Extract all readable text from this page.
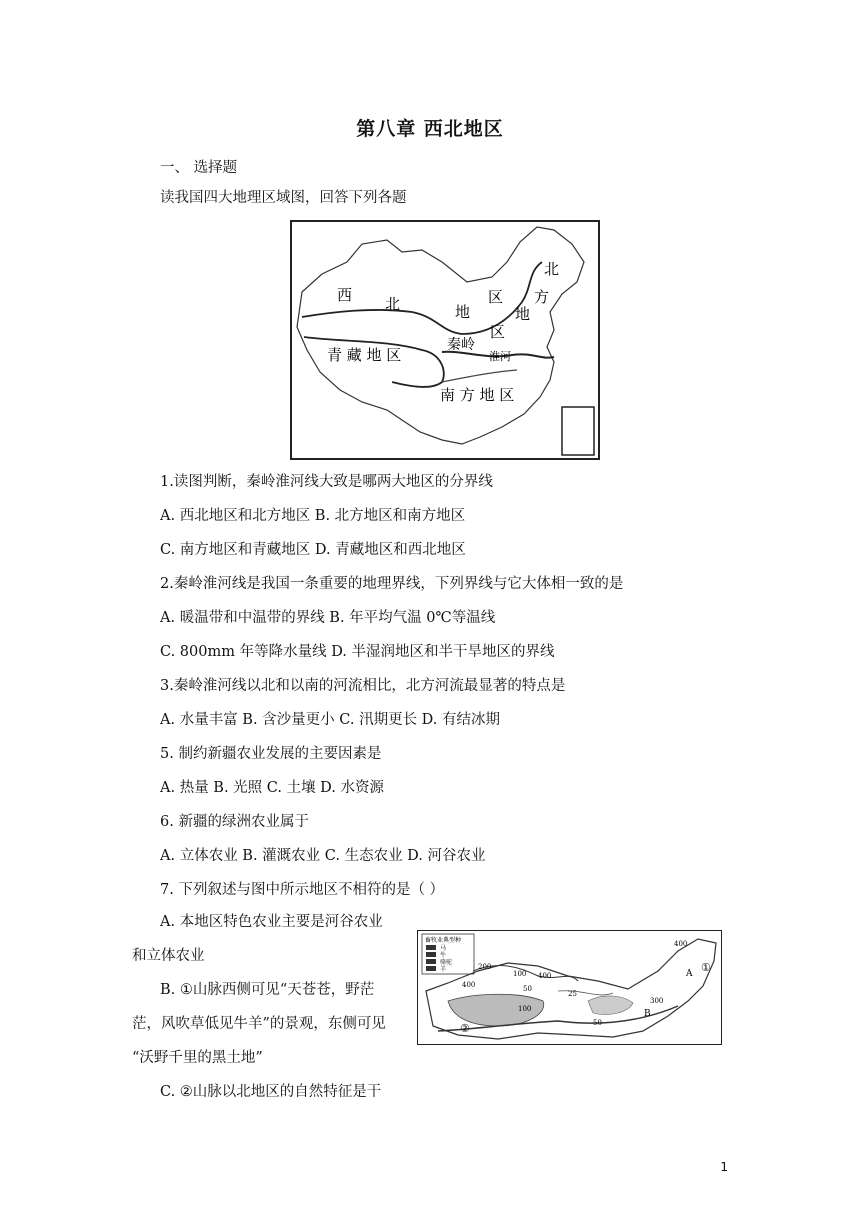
第八章 西北地区
一、 选择题
读我国四大地理区域图，回答下列各题
西 北	地
区
北
方
地
区
秦岭
淮河
青 藏 地 区
南 方 地 区
1.读图判断，秦岭淮河线大致是哪两大地区的分界线
A. 西北地区和北方地区 B. 北方地区和南方地区
C. 南方地区和青藏地区 D. 青藏地区和西北地区
2.秦岭淮河线是我国一条重要的地理界线，下列界线与它大体相一致的是
A. 暖温带和中温带的界线 B. 年平均气温 0℃等温线
C. 800mm 年等降水量线 D. 半湿润地区和半干旱地区的界线
3.秦岭淮河线以北和以南的河流相比，北方河流最显著的特点是
A. 水量丰富 B. 含沙量更小 C. 汛期更长 D. 有结冰期
5. 制约新疆农业发展的主要因素是
A. 热量 B. 光照 C. 土壤 D. 水资源
6. 新疆的绿洲农业属于
A. 立体农业 B. 灌溉农业 C. 生态农业 D. 河谷农业
7. 下列叙述与图中所示地区不相符的是（ ）
A. 本地区特色农业主要是河谷农业
和立体农业
B. ①山脉西侧可见“天苍苍，野茫
茫，风吹草低见牛羊”的景观，东侧可见
“沃野千里的黑土地”
C. ②山脉以北地区的自然特征是干
畜牧业典型种
马
牛
骆驼
羊
400
200
400
100
400
50
300
50
25
100
①
②
A
B
1
